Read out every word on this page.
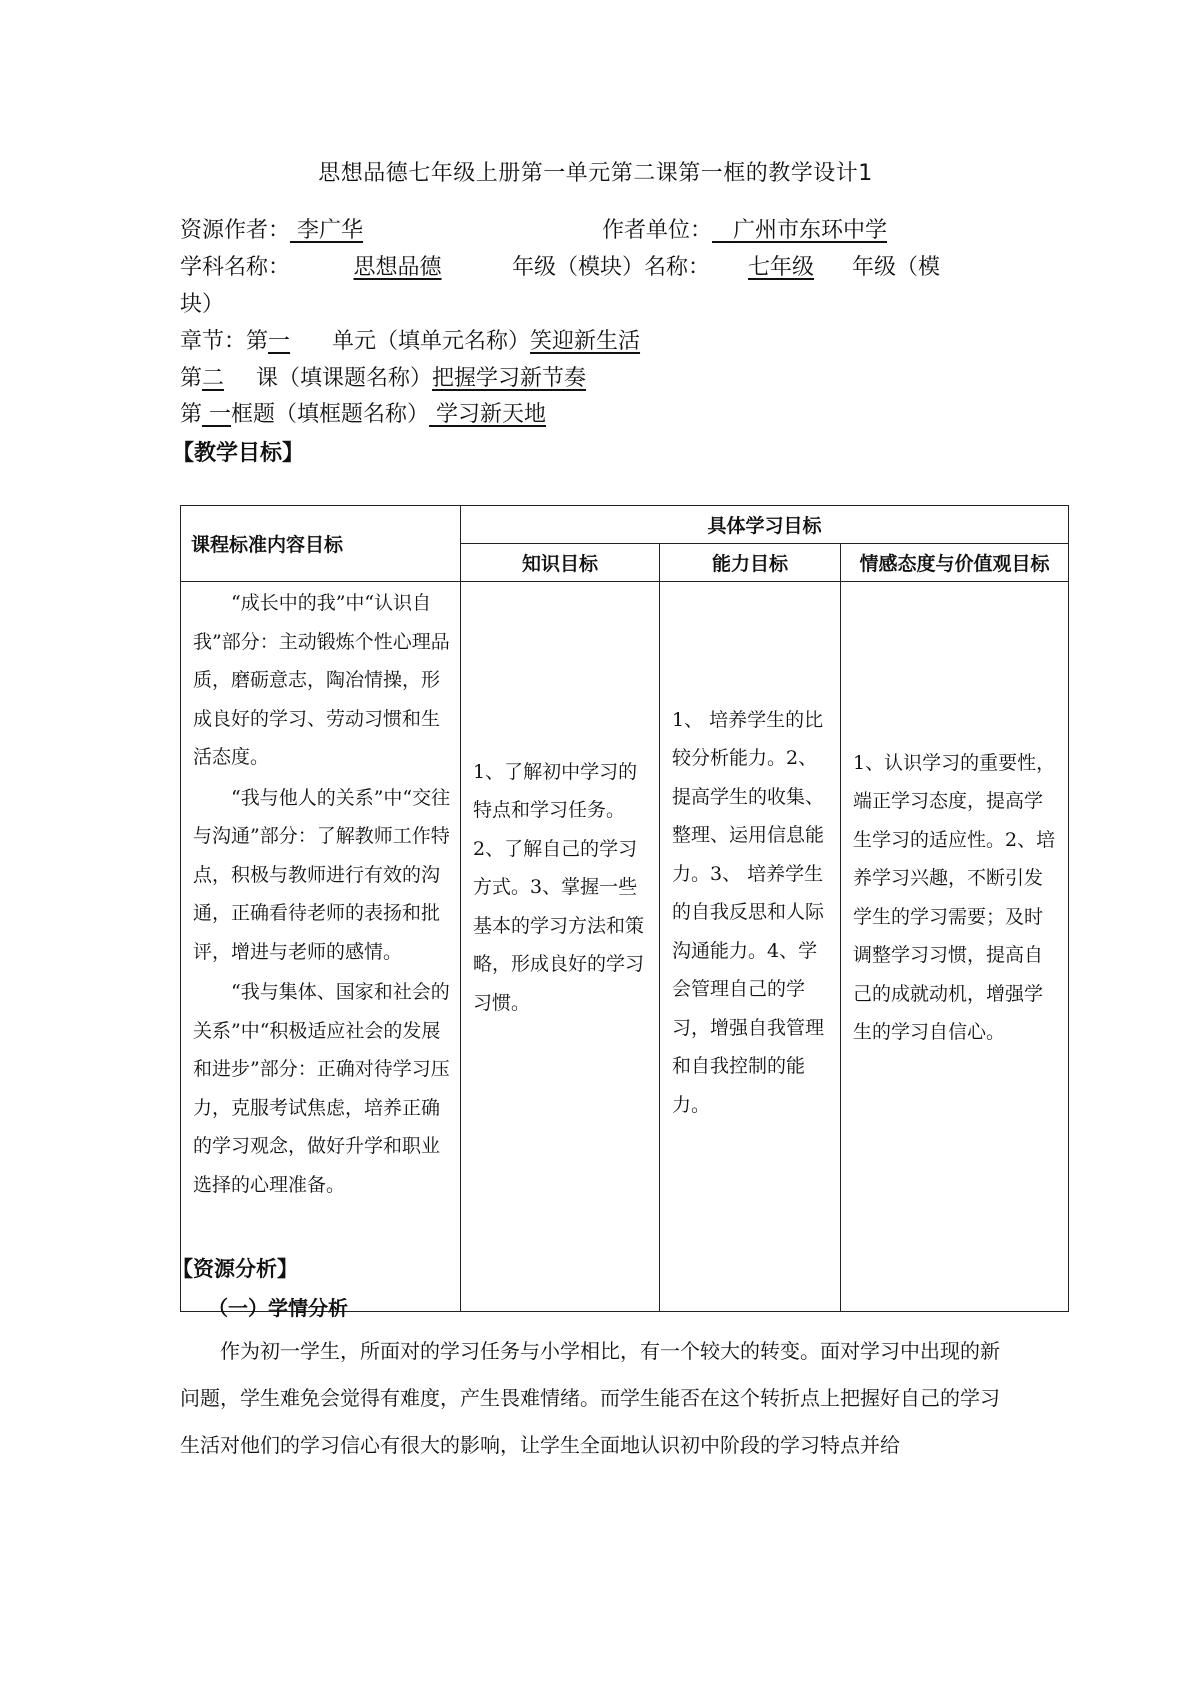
思想品德七年级上册第一单元第二课第一框的教学设计1
资源作者： 李广华	作者单位： 广州市东环中学
学科名称：	思想品德	年级（模块）名称： 七年级 年级（模
块）
章节：第一 单元（填单元名称）笑迎新生活
第二 课（填课题名称）把握学习新节奏
第 一框题（填框题名称） 学习新天地
【教学目标】
课程标准内容目标	具体学习目标		
	知识目标	能力目标	情感态度与价值观目标

“成长中的我”中“认识自我”部分：主动锻炼个性心理品质，磨砺意志，陶冶情操，形成良好的学习、劳动习惯和生活态度。
“我与他人的关系”中“交往与沟通”部分：了解教师工作特点，积极与教师进行有效的沟通，正确看待老师的表扬和批评，增进与老师的感情。
“我与集体、国家和社会的关系”中“积极适应社会的发展和进步”部分：正确对待学习压力，克服考试焦虑，培养正确的学习观念，做好升学和职业选择的心理准备。	1、了解初中学习的特点和学习任务。2、了解自己的学习方式。3、掌握一些基本的学习方法和策略，形成良好的学习习惯。	1、 培养学生的比较分析能力。2、 提高学生的收集、整理、运用信息能力。3、 培养学生的自我反思和人际沟通能力。4、学会管理自己的学习，增强自我管理和自我控制的能力。	1、认识学习的重要性，端正学习态度，提高学生学习的适应性。2、培养学习兴趣，不断引发学生的学习需要；及时调整学习习惯，提高自己的成就动机，增强学生的学习自信心。
【资源分析】
（一）学情分析
作为初一学生，所面对的学习任务与小学相比，有一个较大的转变。面对学习中出现的新问题，学生难免会觉得有难度，产生畏难情绪。而学生能否在这个转折点上把握好自己的学习生活对他们的学习信心有很大的影响，让学生全面地认识初中阶段的学习特点并给
